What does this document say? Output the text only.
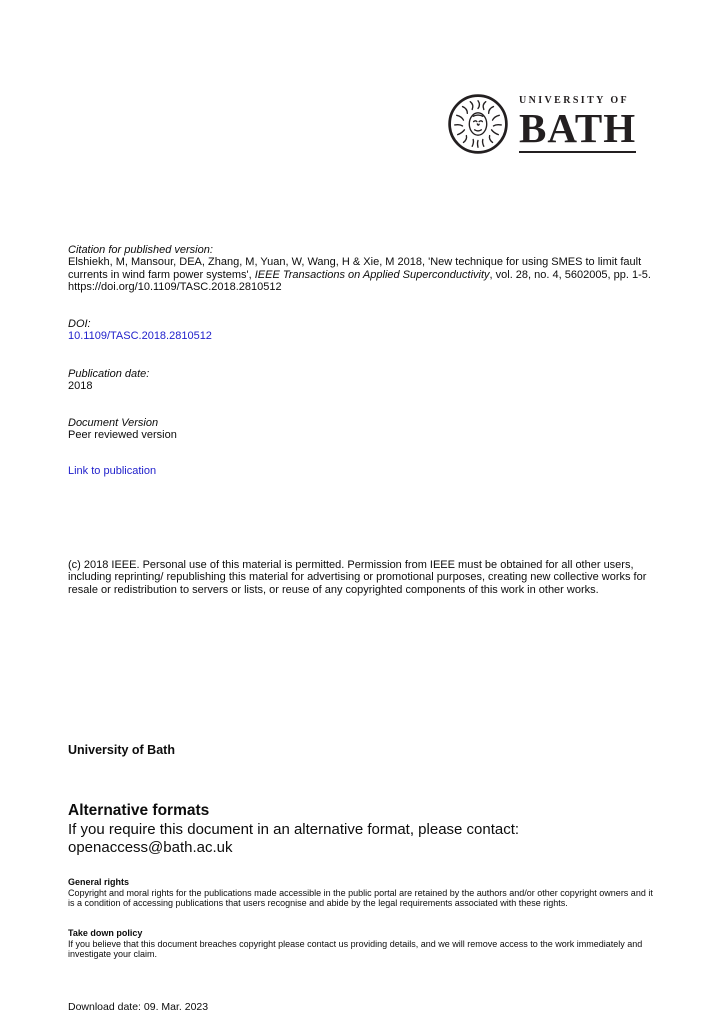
UNIVERSITY OF
BATH
Citation for published version:
Elshiekh, M, Mansour, DEA, Zhang, M, Yuan, W, Wang, H & Xie, M 2018, 'New technique for using SMES to limit fault currents in wind farm power systems', IEEE Transactions on Applied Superconductivity, vol. 28, no. 4, 5602005, pp. 1-5. https://doi.org/10.1109/TASC.2018.2810512
DOI:
10.1109/TASC.2018.2810512
Publication date:
2018
Document Version
Peer reviewed version
Link to publication
(c) 2018 IEEE. Personal use of this material is permitted. Permission from IEEE must be obtained for all other users, including reprinting/ republishing this material for advertising or promotional purposes, creating new collective works for resale or redistribution to servers or lists, or reuse of any copyrighted components of this work in other works.
University of Bath
Alternative formats
If you require this document in an alternative format, please contact:
openaccess@bath.ac.uk
General rights
Copyright and moral rights for the publications made accessible in the public portal are retained by the authors and/or other copyright owners and it is a condition of accessing publications that users recognise and abide by the legal requirements associated with these rights.
Take down policy
If you believe that this document breaches copyright please contact us providing details, and we will remove access to the work immediately and investigate your claim.
Download date: 09. Mar. 2023
